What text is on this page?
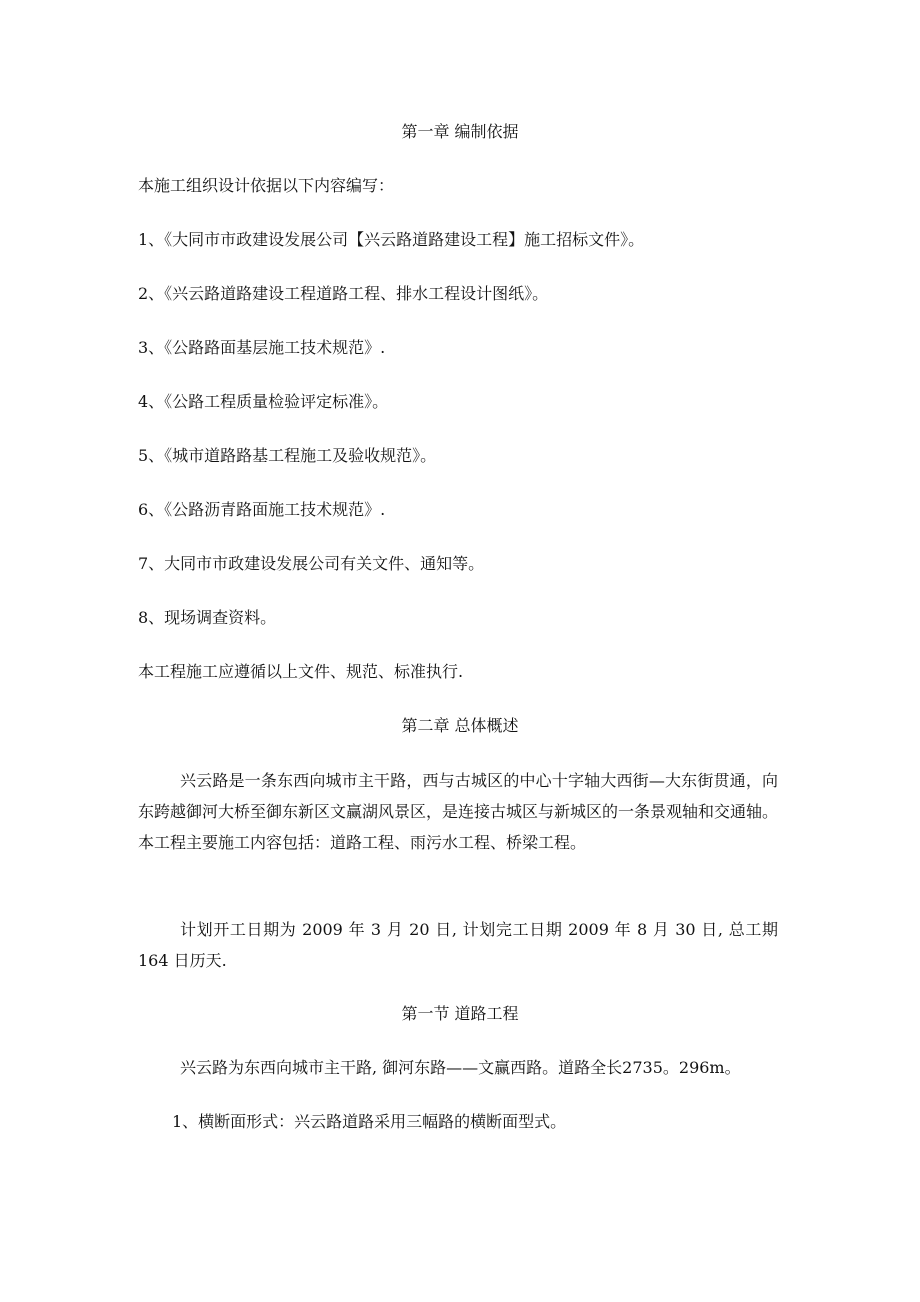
第一章 编制依据

本施工组织设计依据以下内容编写：

1、《大同市市政建设发展公司【兴云路道路建设工程】施工招标文件》。

2、《兴云路道路建设工程道路工程、排水工程设计图纸》。

3、《公路路面基层施工技术规范》.

4、《公路工程质量检验评定标准》。

5、《城市道路路基工程施工及验收规范》。

6、《公路沥青路面施工技术规范》.

7、大同市市政建设发展公司有关文件、通知等。

8、现场调查资料。

本工程施工应遵循以上文件、规范、标准执行.

第二章 总体概述

兴云路是一条东西向城市主干路，西与古城区的中心十字轴大西街—大东街贯通，向东跨越御河大桥至御东新区文赢湖风景区，是连接古城区与新城区的一条景观轴和交通轴。本工程主要施工内容包括：道路工程、雨污水工程、桥梁工程。

计划开工日期为 2009 年 3 月 20 日, 计划完工日期 2009 年 8 月 30 日, 总工期 164 日历天.

第一节 道路工程

兴云路为东西向城市主干路, 御河东路——文赢西路。道路全长2735。296m。

1、横断面形式：兴云路道路采用三幅路的横断面型式。
